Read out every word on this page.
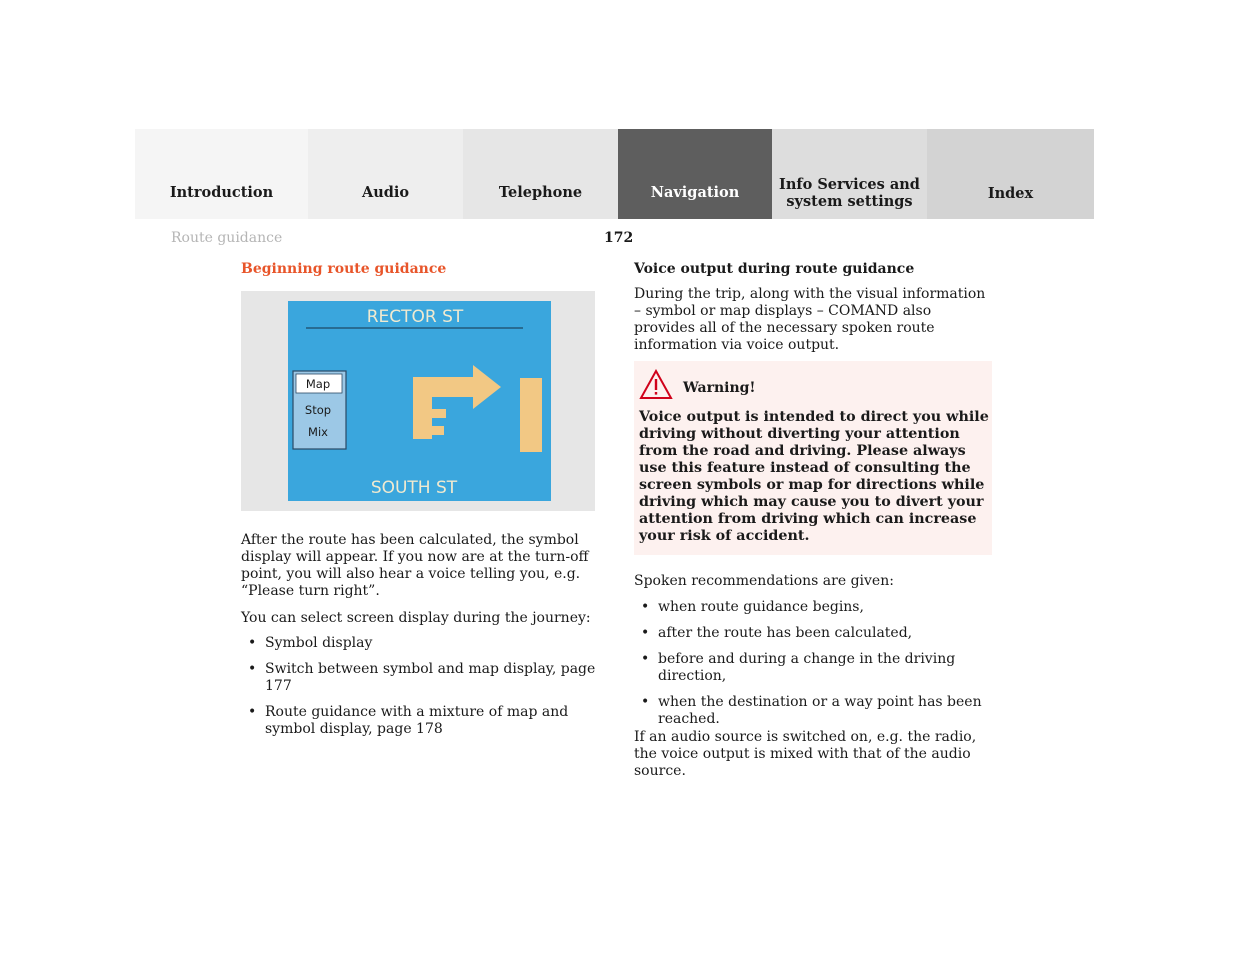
Introduction	Audio	Telephone	Navigation	Info Services and
system settings	Index
Route guidance	172
Beginning route guidance
RECTOR ST
Map
Stop
Mix
SOUTH ST

After the route has been calculated, the symbol display will appear. If you now are at the turn-off point, you will also hear a voice telling you, e.g. “Please turn right”.

You can select screen display during the journey:

• Symbol display
• Switch between symbol and map display, page 177
• Route guidance with a mixture of map and symbol display, page 178
Voice output during route guidance

During the trip, along with the visual information – symbol or map displays – COMAND also provides all of the necessary spoken route information via voice output.

Warning!

Voice output is intended to direct you while driving without diverting your attention from the road and driving. Please always use this feature instead of consulting the screen symbols or map for directions while driving which may cause you to divert your attention from driving which can increase your risk of accident.

Spoken recommendations are given:

• when route guidance begins,
• after the route has been calculated,
• before and during a change in the driving direction,
• when the destination or a way point has been reached.

If an audio source is switched on, e.g. the radio, the voice output is mixed with that of the audio source.
